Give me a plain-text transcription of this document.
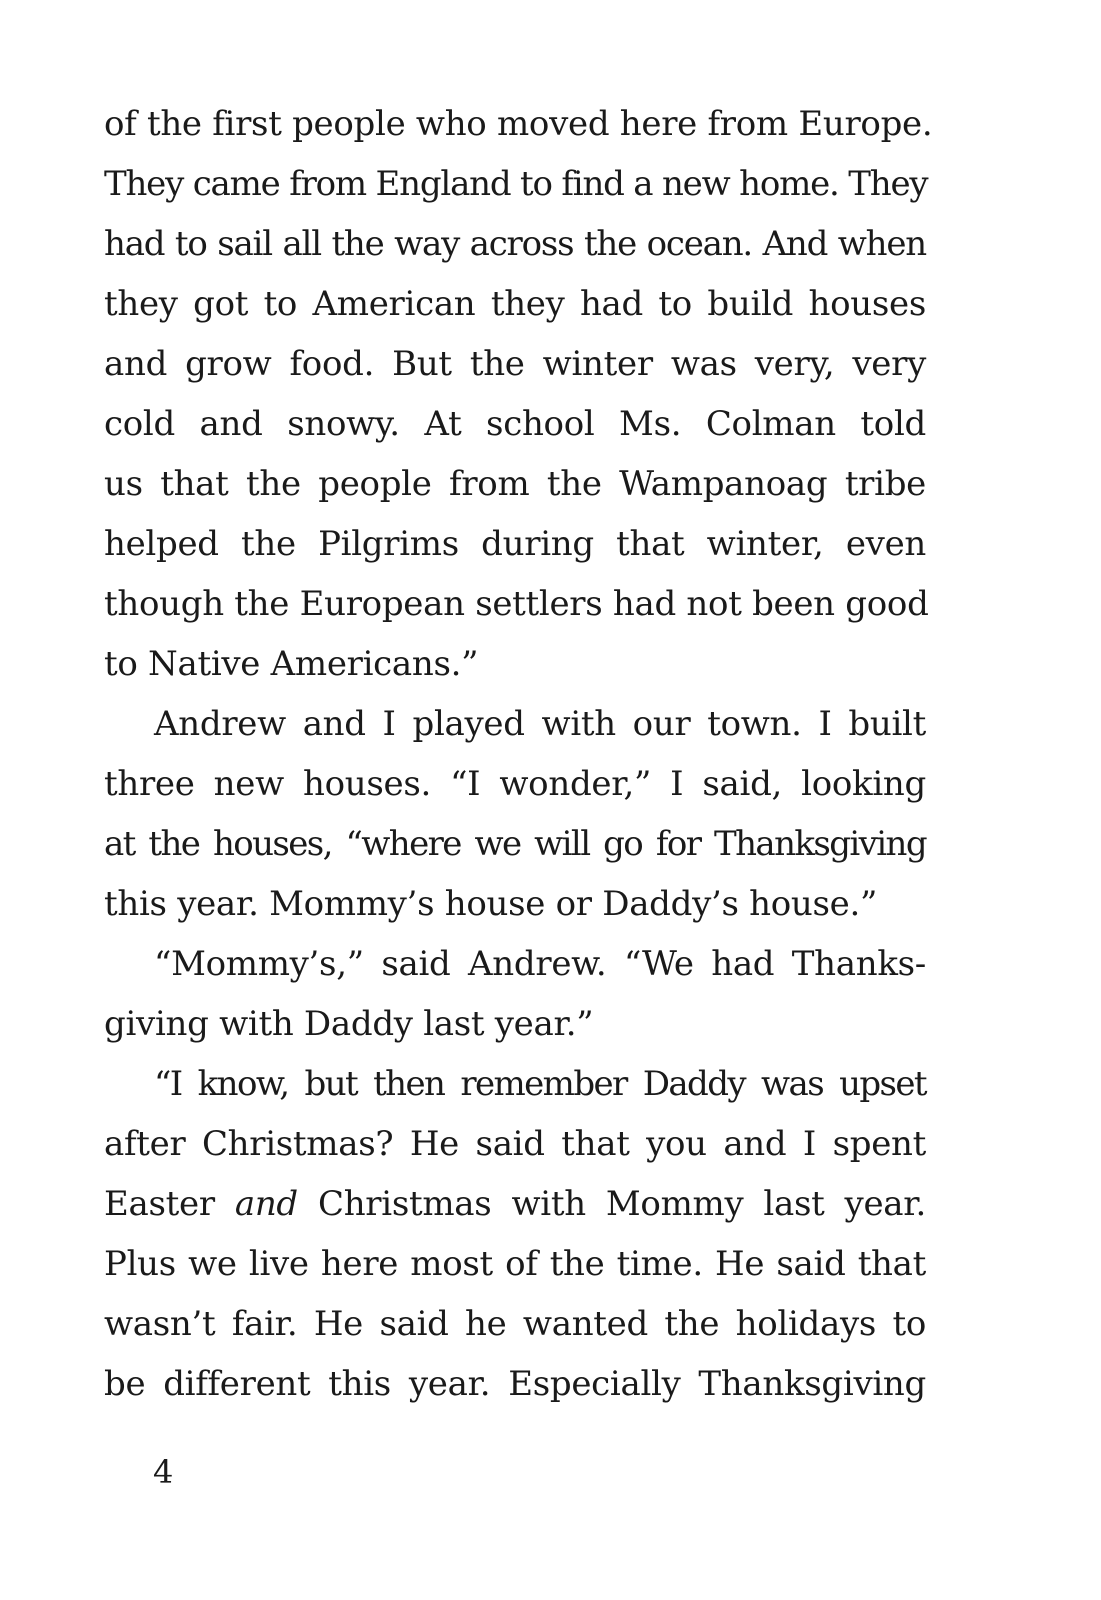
of the first people who moved here from Europe.
They came from England to find a new home. They
had to sail all the way across the ocean. And when
they got to American they had to build houses
and grow food. But the winter was very, very
cold and snowy. At school Ms. Colman told
us that the people from the Wampanoag tribe
helped the Pilgrims during that winter, even
though the European settlers had not been good
to Native Americans.”
Andrew and I played with our town. I built
three new houses. “I wonder,” I said, looking
at the houses, “where we will go for Thanksgiving
this year. Mommy’s house or Daddy’s house.”
“Mommy’s,” said Andrew. “We had Thanks-
giving with Daddy last year.”
“I know, but then remember Daddy was upset
after Christmas? He said that you and I spent
Easter and Christmas with Mommy last year.
Plus we live here most of the time. He said that
wasn’t fair. He said he wanted the holidays to
be different this year. Especially Thanksgiving
4
